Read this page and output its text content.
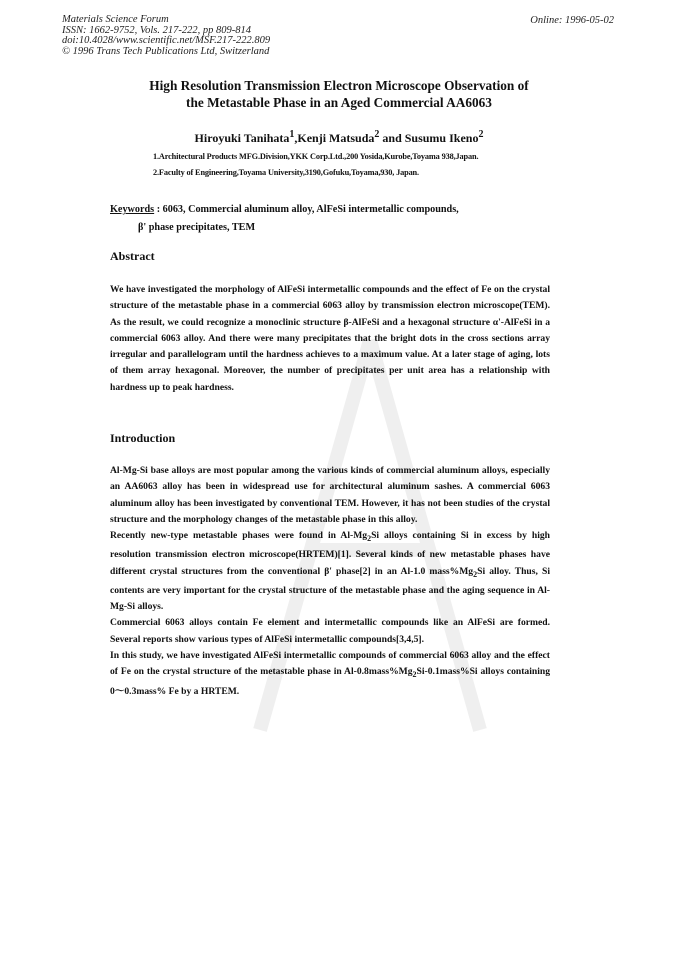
Materials Science Forum
ISSN: 1662-9752, Vols. 217-222, pp 809-814
doi:10.4028/www.scientific.net/MSF.217-222.809
© 1996 Trans Tech Publications Ltd, Switzerland
Online: 1996-05-02
High Resolution Transmission Electron Microscope Observation of
the Metastable Phase in an Aged Commercial AA6063
Hiroyuki Tanihata$^1$,Kenji Matsuda$^2$ and Susumu Ikeno$^2$
1.Architectural Products MFG.Division,YKK Corp.Ltd.,200 Yosida,Kurobe,Toyama 938,Japan.
2.Faculty of Engineering,Toyama University,3190,Gofuku,Toyama,930, Japan.
Keywords : 6063, Commercial aluminum alloy, AlFeSi intermetallic compounds,
β' phase precipitates, TEM
Abstract

We have investigated the morphology of AlFeSi intermetallic compounds and the effect of Fe on the crystal structure of the metastable phase in a commercial 6063 alloy by transmission electron microscope(TEM). As the result, we could recognize a monoclinic structure β-AlFeSi and a hexagonal structure α'-AlFeSi in a commercial 6063 alloy. And there were many precipitates that the bright dots in the cross sections array irregular and parallelogram until the hardness achieves to a maximum value. At a later stage of aging, lots of them array hexagonal. Moreover, the number of precipitates per unit area has a relationship with hardness up to peak hardness.

Introduction

Al-Mg-Si base alloys are most popular among the various kinds of commercial aluminum alloys, especially an AA6063 alloy has been in widespread use for architectural aluminum sashes. A commercial 6063 aluminum alloy has been investigated by conventional TEM. However, it has not been studies of the crystal structure and the morphology changes of the metastable phase in this alloy.

Recently new-type metastable phases were found in $Al-Mg_2Si$ alloys containing Si in excess by high resolution transmission electron microscope(HRTEM)[1]. Several kinds of new metastable phases have different crystal structures from the conventional β' phase[2] in an Al-1.0 $mass\%Mg_2Si$ alloy. Thus, Si contents are very important for the crystal structure of the metastable phase and the aging sequence in Al-Mg-Si alloys.

Commercial 6063 alloys contain Fe element and intermetallic compounds like an AlFeSi are formed. Several reports show various types of AlFeSi intermetallic compounds[3,4,5].

In this study, we have investigated AlFeSi intermetallic compounds of commercial 6063 alloy and the effect of Fe on the crystal structure of the metastable phase in $Al-0.8mass\%Mg_2Si-0.1mass\%Si$ alloys containing 0～0.3mass% Fe by a HRTEM.
